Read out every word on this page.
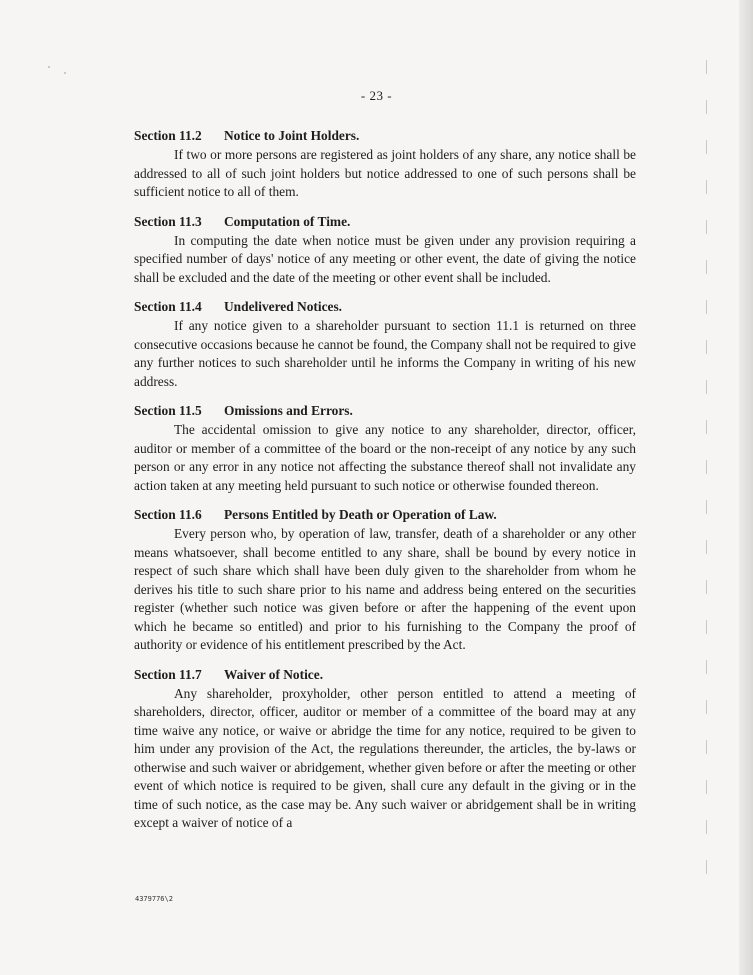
- 23 -
Section 11.2 Notice to Joint Holders.

If two or more persons are registered as joint holders of any share, any notice shall be addressed to all of such joint holders but notice addressed to one of such persons shall be sufficient notice to all of them.

Section 11.3 Computation of Time.

In computing the date when notice must be given under any provision requiring a specified number of days' notice of any meeting or other event, the date of giving the notice shall be excluded and the date of the meeting or other event shall be included.

Section 11.4 Undelivered Notices.

If any notice given to a shareholder pursuant to section 11.1 is returned on three consecutive occasions because he cannot be found, the Company shall not be required to give any further notices to such shareholder until he informs the Company in writing of his new address.

Section 11.5 Omissions and Errors.

The accidental omission to give any notice to any shareholder, director, officer, auditor or member of a committee of the board or the non-receipt of any notice by any such person or any error in any notice not affecting the substance thereof shall not invalidate any action taken at any meeting held pursuant to such notice or otherwise founded thereon.

Section 11.6 Persons Entitled by Death or Operation of Law.

Every person who, by operation of law, transfer, death of a shareholder or any other means whatsoever, shall become entitled to any share, shall be bound by every notice in respect of such share which shall have been duly given to the shareholder from whom he derives his title to such share prior to his name and address being entered on the securities register (whether such notice was given before or after the happening of the event upon which he became so entitled) and prior to his furnishing to the Company the proof of authority or evidence of his entitlement prescribed by the Act.

Section 11.7 Waiver of Notice.

Any shareholder, proxyholder, other person entitled to attend a meeting of shareholders, director, officer, auditor or member of a committee of the board may at any time waive any notice, or waive or abridge the time for any notice, required to be given to him under any provision of the Act, the regulations thereunder, the articles, the by-laws or otherwise and such waiver or abridgement, whether given before or after the meeting or other event of which notice is required to be given, shall cure any default in the giving or in the time of such notice, as the case may be. Any such waiver or abridgement shall be in writing except a waiver of notice of a

4379776\2
